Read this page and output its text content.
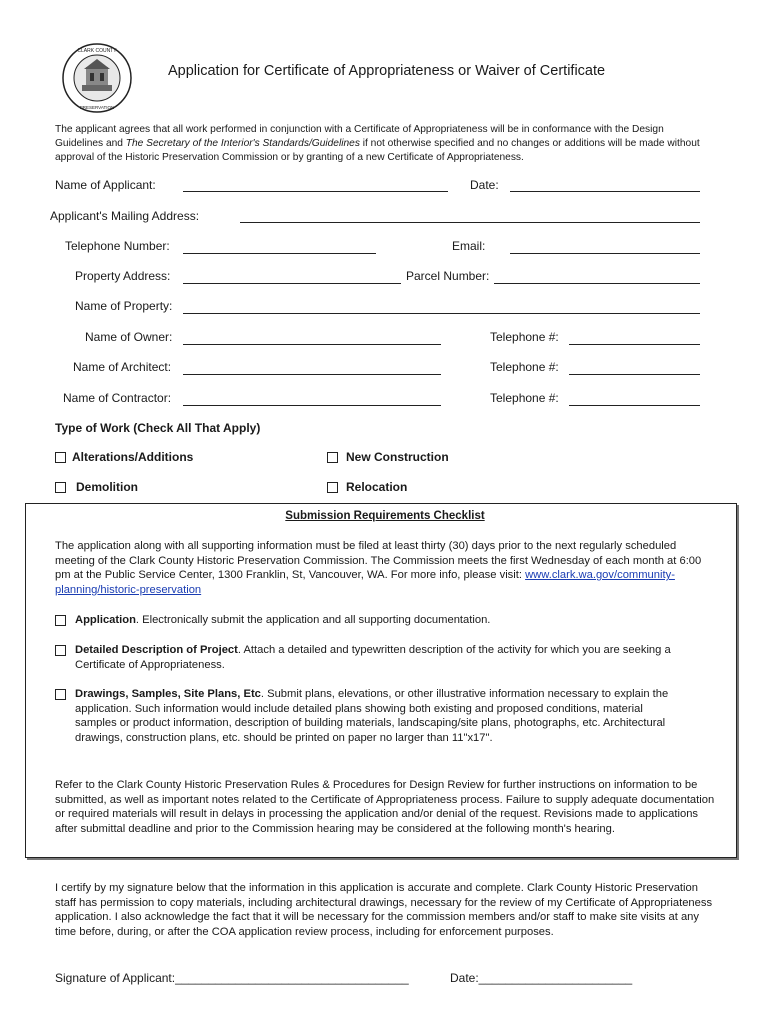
CLARK COUNTY
PRESERVATION
Application for Certificate of Appropriateness or Waiver of Certificate
The applicant agrees that all work performed in conjunction with a Certificate of Appropriateness will be in conformance with the Design Guidelines and The Secretary of the Interior's Standards/Guidelines if not otherwise specified and no changes or additions will be made without approval of the Historic Preservation Commission or by granting of a new Certificate of Appropriateness.
Name of Applicant:	Date:
Applicant's Mailing Address:
Telephone Number:	Email:
Property Address:	Parcel Number:
Name of Property:
Name of Owner:	Telephone #:
Name of Architect:	Telephone #:
Name of Contractor:	Telephone #:
Type of Work (Check All That Apply)
Alterations/Additions	New Construction
Demolition	Relocation
Submission Requirements Checklist
The application along with all supporting information must be filed at least thirty (30) days prior to the next regularly scheduled meeting of the Clark County Historic Preservation Commission. The Commission meets the first Wednesday of each month at 6:00 pm at the Public Service Center, 1300 Franklin, St, Vancouver, WA. For more info, please visit: www.clark.wa.gov/community-planning/historic-preservation
Application. Electronically submit the application and all supporting documentation.
Detailed Description of Project. Attach a detailed and typewritten description of the activity for which you are seeking a Certificate of Appropriateness.
Drawings, Samples, Site Plans, Etc. Submit plans, elevations, or other illustrative information necessary to explain the application. Such information would include detailed plans showing both existing and proposed conditions, material samples or product information, description of building materials, landscaping/site plans, photographs, etc. Architectural drawings, construction plans, etc. should be printed on paper no larger than 11"x17".
Refer to the Clark County Historic Preservation Rules & Procedures for Design Review for further instructions on information to be submitted, as well as important notes related to the Certificate of Appropriateness process. Failure to supply adequate documentation or required materials will result in delays in processing the application and/or denial of the request. Revisions made to applications after submittal deadline and prior to the Commission hearing may be considered at the following month's hearing.
I certify by my signature below that the information in this application is accurate and complete. Clark County Historic Preservation staff has permission to copy materials, including architectural drawings, necessary for the review of my Certificate of Appropriateness application. I also acknowledge the fact that it will be necessary for the commission members and/or staff to make site visits at any time before, during, or after the COA application review process, including for enforcement purposes.
Signature of Applicant:___________________________________	Date:_______________________
